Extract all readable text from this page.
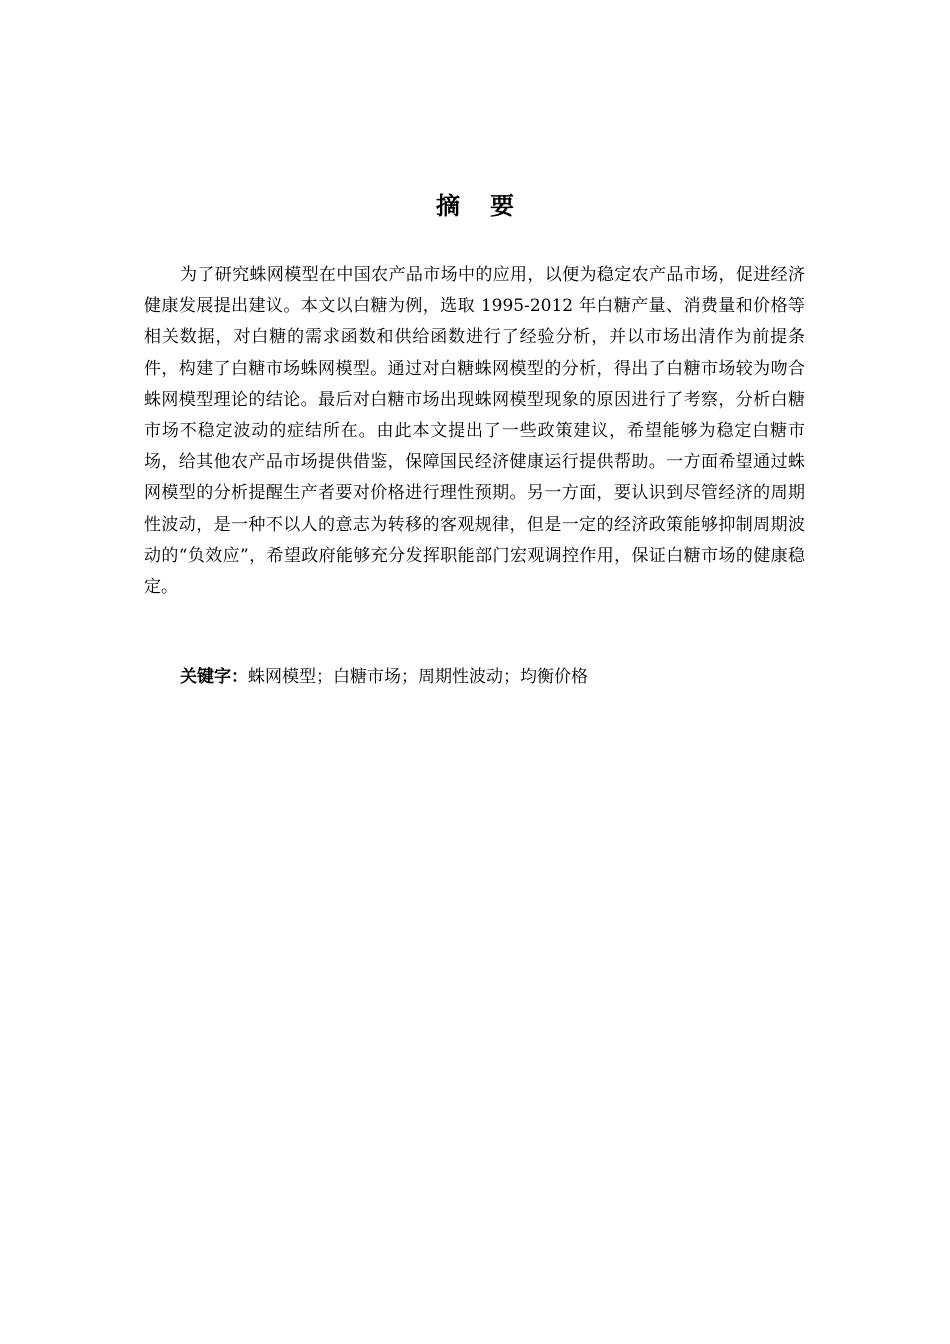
摘要

为了研究蛛网模型在中国农产品市场中的应用，以便为稳定农产品市场，促进经济健康发展提出建议。本文以白糖为例，选取 1995-2012 年白糖产量、消费量和价格等相关数据，对白糖的需求函数和供给函数进行了经验分析，并以市场出清作为前提条件，构建了白糖市场蛛网模型。通过对白糖蛛网模型的分析，得出了白糖市场较为吻合蛛网模型理论的结论。最后对白糖市场出现蛛网模型现象的原因进行了考察，分析白糖市场不稳定波动的症结所在。由此本文提出了一些政策建议，希望能够为稳定白糖市场，给其他农产品市场提供借鉴，保障国民经济健康运行提供帮助。一方面希望通过蛛网模型的分析提醒生产者要对价格进行理性预期。另一方面，要认识到尽管经济的周期性波动，是一种不以人的意志为转移的客观规律，但是一定的经济政策能够抑制周期波动的“负效应”，希望政府能够充分发挥职能部门宏观调控作用，保证白糖市场的健康稳定。

关键字：蛛网模型；白糖市场；周期性波动；均衡价格
